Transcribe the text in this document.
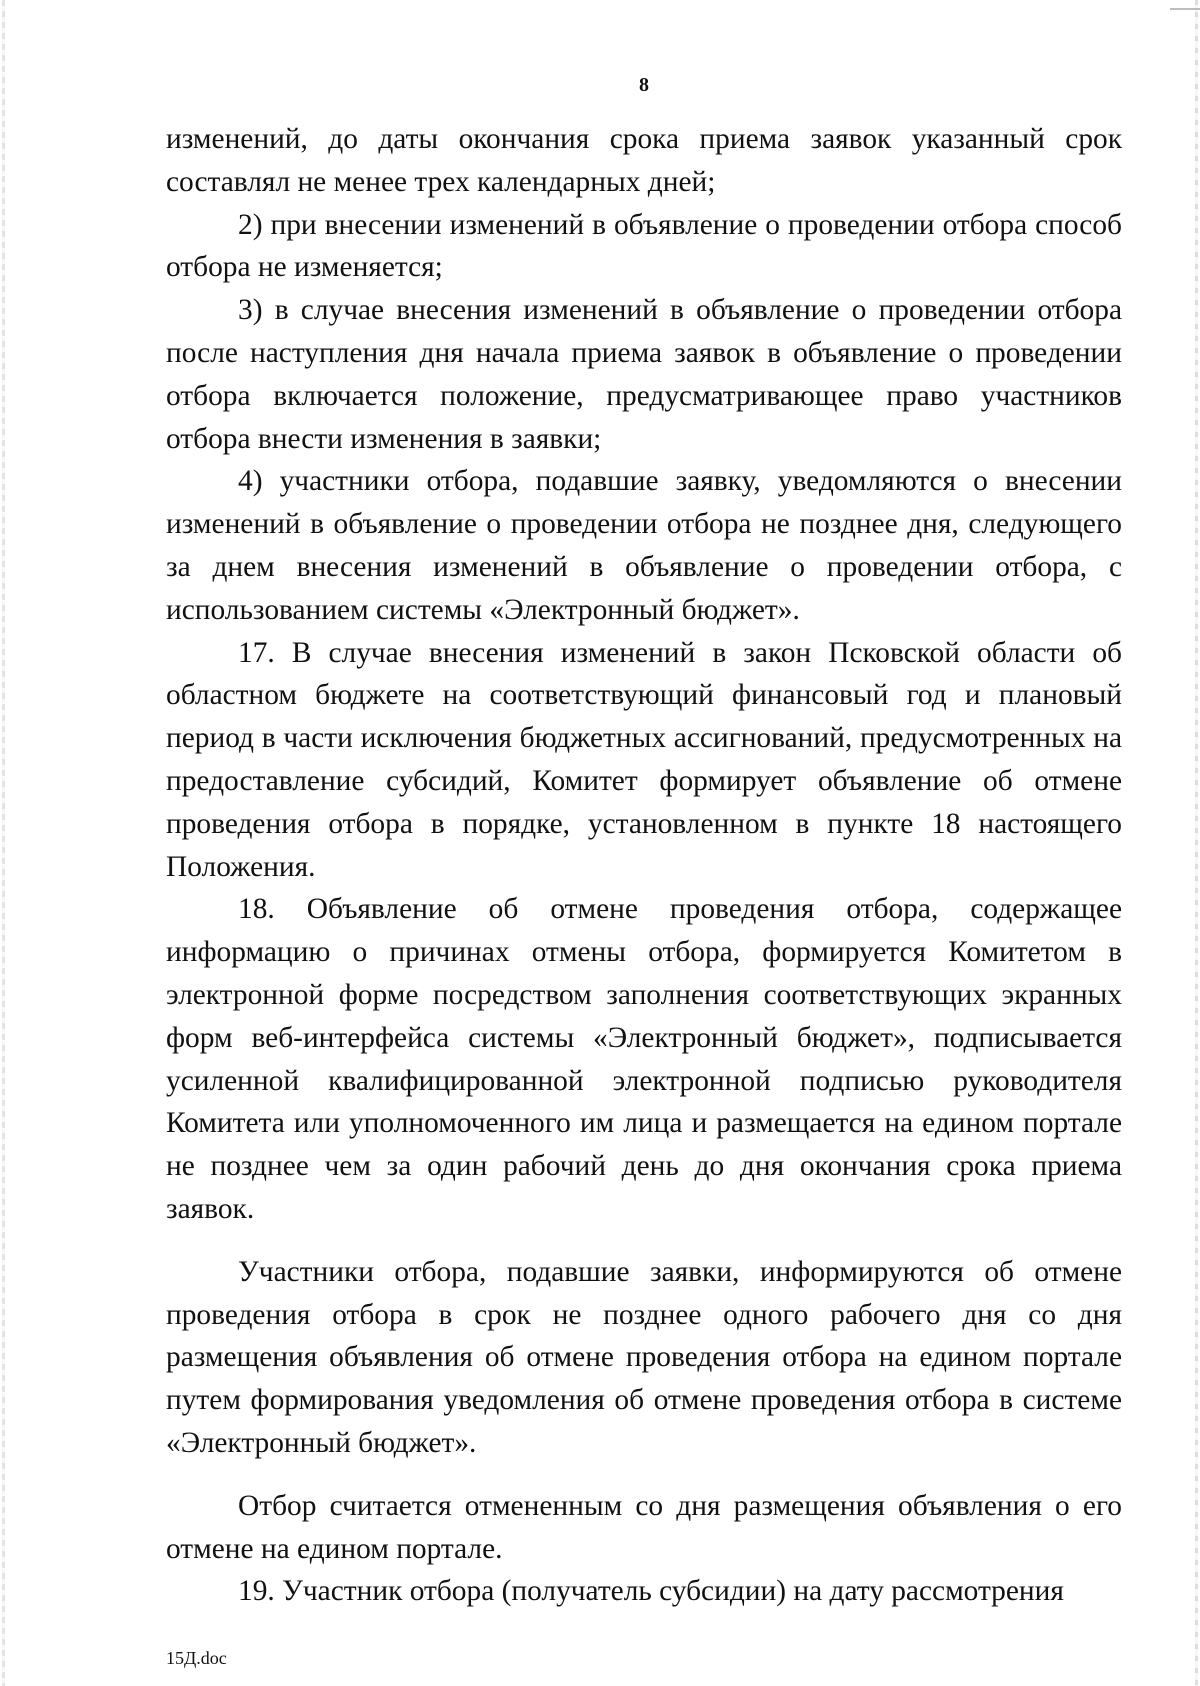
8

изменений, до даты окончания срока приема заявок указанный срок составлял не менее трех календарных дней;

2) при внесении изменений в объявление о проведении отбора способ отбора не изменяется;

3) в случае внесения изменений в объявление о проведении отбора после наступления дня начала приема заявок в объявление о проведении отбора включается положение, предусматривающее право участников отбора внести изменения в заявки;

4) участники отбора, подавшие заявку, уведомляются о внесении изменений в объявление о проведении отбора не позднее дня, следующего за днем внесения изменений в объявление о проведении отбора, с использованием системы «Электронный бюджет».

17. В случае внесения изменений в закон Псковской области об областном бюджете на соответствующий финансовый год и плановый период в части исключения бюджетных ассигнований, предусмотренных на предоставление субсидий, Комитет формирует объявление об отмене проведения отбора в порядке, установленном в пункте 18 настоящего Положения.

18. Объявление об отмене проведения отбора, содержащее информацию о причинах отмены отбора, формируется Комитетом в электронной форме посредством заполнения соответствующих экранных форм веб-интерфейса системы «Электронный бюджет», подписывается усиленной квалифицированной электронной подписью руководителя Комитета или уполномоченного им лица и размещается на едином портале не позднее чем за один рабочий день до дня окончания срока приема заявок.

Участники отбора, подавшие заявки, информируются об отмене проведения отбора в срок не позднее одного рабочего дня со дня размещения объявления об отмене проведения отбора на едином портале путем формирования уведомления об отмене проведения отбора в системе «Электронный бюджет».

Отбор считается отмененным со дня размещения объявления о его отмене на едином портале.

19. Участник отбора (получатель субсидии) на дату рассмотрения

15Д.doc
